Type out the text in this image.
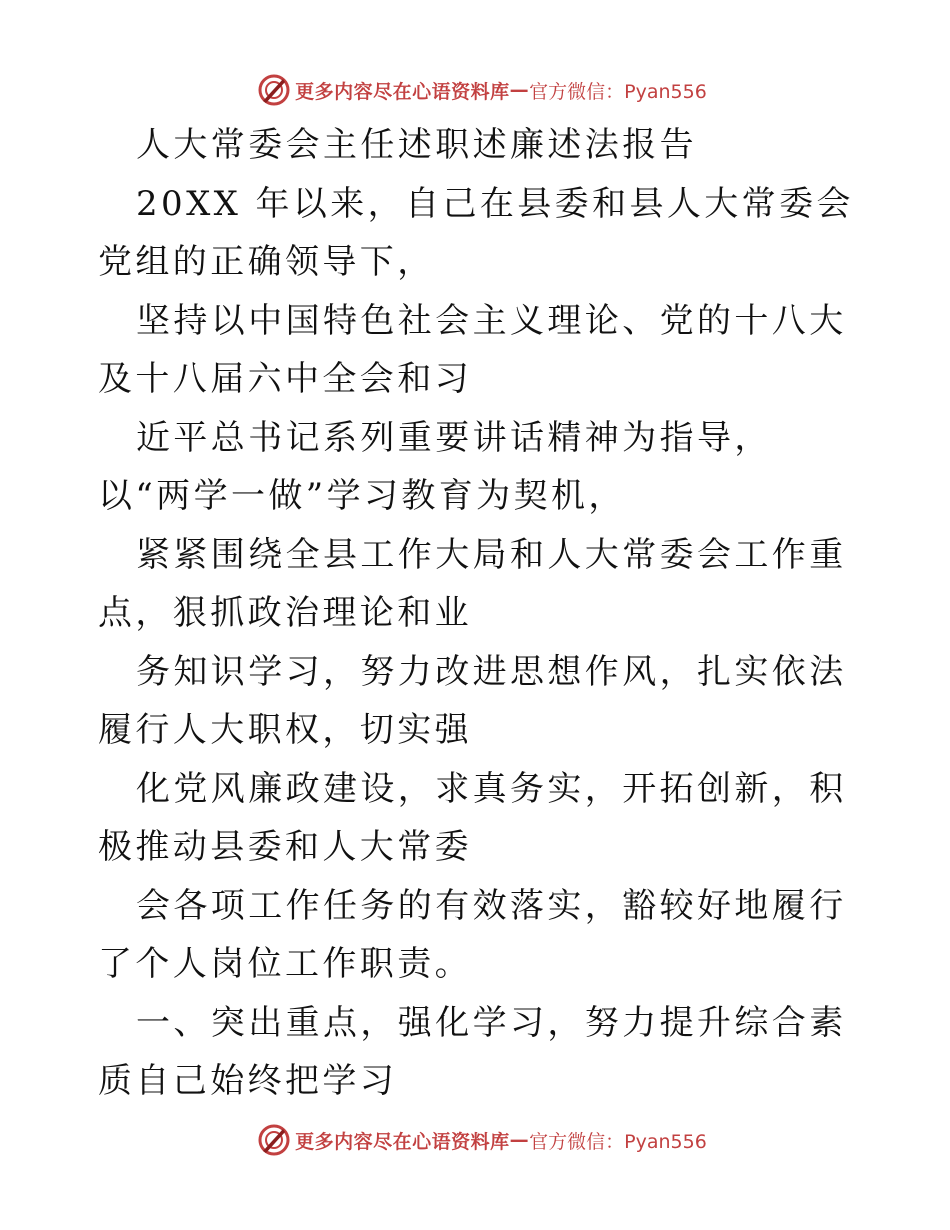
更多内容尽在心语资料库 — 官方微信：Pyan556

人大常委会主任述职述廉述法报告

20XX 年以来，自己在县委和县人大常委会党组的正确领导下，

坚持以中国特色社会主义理论、党的十八大及十八届六中全会和习

近平总书记系列重要讲话精神为指导，以“两学一做”学习教育为契机，

紧紧围绕全县工作大局和人大常委会工作重点，狠抓政治理论和业

务知识学习，努力改进思想作风，扎实依法履行人大职权，切实强

化党风廉政建设，求真务实，开拓创新，积极推动县委和人大常委

会各项工作任务的有效落实，豁较好地履行了个人岗位工作职责。

一、突出重点，强化学习，努力提升综合素质自己始终把学习

更多内容尽在心语资料库 — 官方微信：Pyan556
